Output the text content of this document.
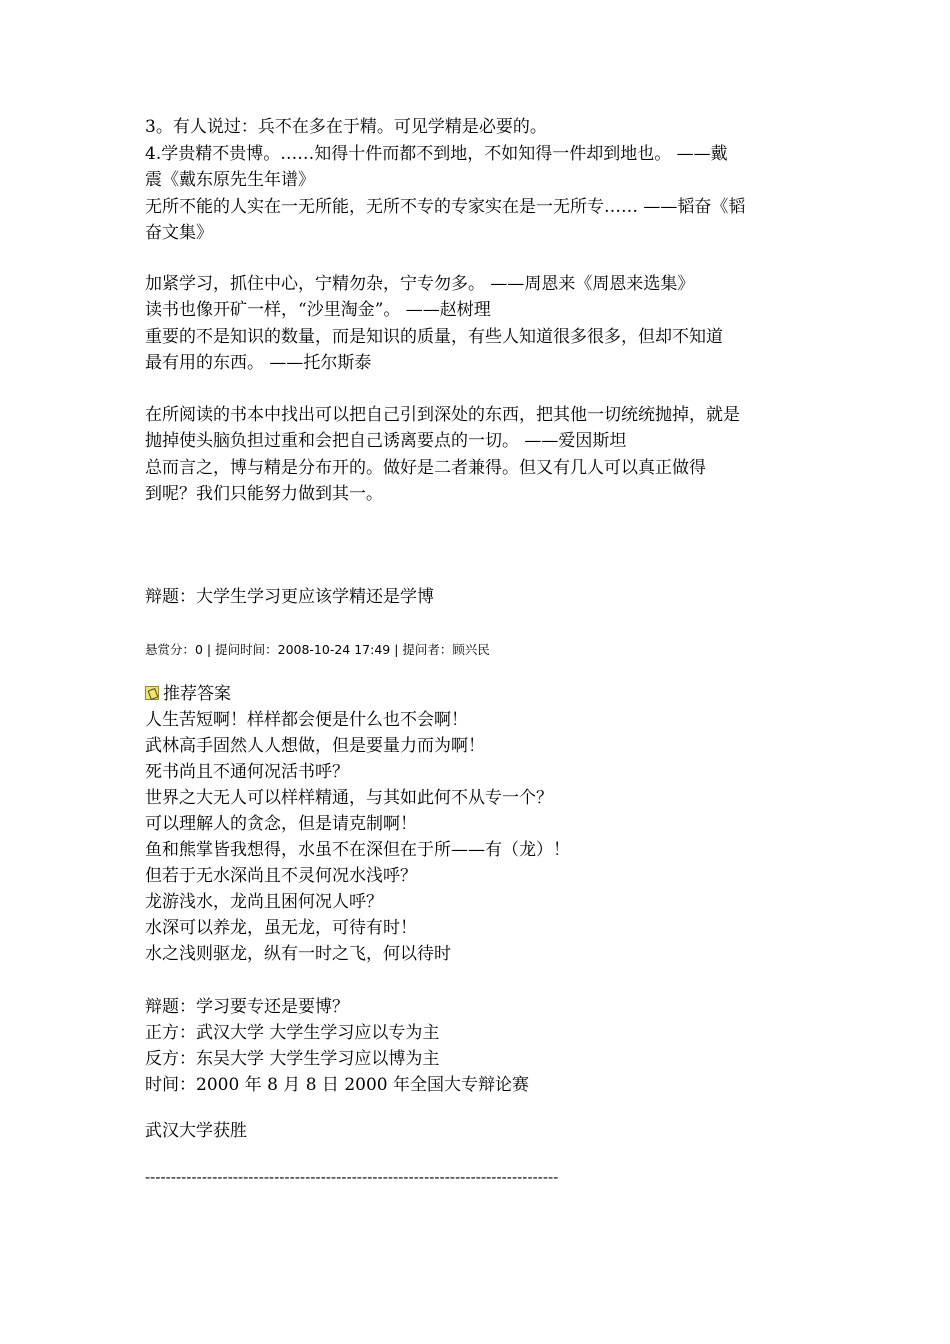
3。有人说过：兵不在多在于精。可见学精是必要的。
4.学贵精不贵博。……知得十件而都不到地，不如知得一件却到地也。 ——戴
震《戴东原先生年谱》
无所不能的人实在一无所能，无所不专的专家实在是一无所专…… ——韬奋《韬
奋文集》
加紧学习，抓住中心，宁精勿杂，宁专勿多。 ——周恩来《周恩来选集》
读书也像开矿一样，“沙里淘金”。 ——赵树理
重要的不是知识的数量，而是知识的质量，有些人知道很多很多，但却不知道
最有用的东西。 ——托尔斯泰
在所阅读的书本中找出可以把自己引到深处的东西，把其他一切统统抛掉，就是
抛掉使头脑负担过重和会把自己诱离要点的一切。 ——爱因斯坦
总而言之，博与精是分布开的。做好是二者兼得。但又有几人可以真正做得
到呢？我们只能努力做到其一。
辩题：大学生学习更应该学精还是学博
悬赏分：0 | 提问时间：2008-10-24 17:49 | 提问者：顾兴民
推荐答案
人生苦短啊！样样都会便是什么也不会啊！
武林高手固然人人想做，但是要量力而为啊！
死书尚且不通何况活书呼？
世界之大无人可以样样精通，与其如此何不从专一个？
可以理解人的贪念，但是请克制啊！
鱼和熊掌皆我想得，水虽不在深但在于所——有（龙）！
但若于无水深尚且不灵何况水浅呼？
龙游浅水，龙尚且困何况人呼？
水深可以养龙，虽无龙，可待有时！
水之浅则驱龙，纵有一时之飞，何以待时
辩题：学习要专还是要博？
正方：武汉大学 大学生学习应以专为主
反方：东吴大学 大学生学习应以博为主
时间：2000 年 8 月 8 日 2000 年全国大专辩论赛
武汉大学获胜
--------------------------------------------------------------------------------
